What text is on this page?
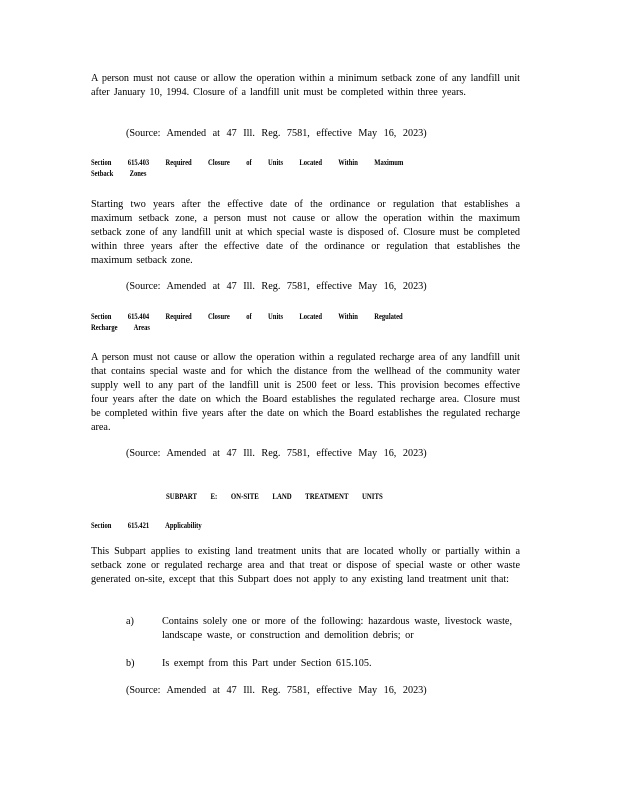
A person must not cause or allow the operation within a minimum setback zone of any landfill unit after January 10, 1994. Closure of a landfill unit must be completed within three years.

(Source: Amended at 47 Ill. Reg. 7581, effective May 16, 2023)

Section 615.403 Required Closure of Units Located Within Maximum Setback Zones

Starting two years after the effective date of the ordinance or regulation that establishes a maximum setback zone, a person must not cause or allow the operation within the maximum setback zone of any landfill unit at which special waste is disposed of. Closure must be completed within three years after the effective date of the ordinance or regulation that establishes the maximum setback zone.

(Source: Amended at 47 Ill. Reg. 7581, effective May 16, 2023)

Section 615.404 Required Closure of Units Located Within Regulated Recharge Areas

A person must not cause or allow the operation within a regulated recharge area of any landfill unit that contains special waste and for which the distance from the wellhead of the community water supply well to any part of the landfill unit is 2500 feet or less. This provision becomes effective four years after the date on which the Board establishes the regulated recharge area. Closure must be completed within five years after the date on which the Board establishes the regulated recharge area.

(Source: Amended at 47 Ill. Reg. 7581, effective May 16, 2023)

SUBPART E: ON-SITE LAND TREATMENT UNITS

Section 615.421 Applicability

This Subpart applies to existing land treatment units that are located wholly or partially within a setback zone or regulated recharge area and that treat or dispose of special waste or other waste generated on-site, except that this Subpart does not apply to any existing land treatment unit that:

a)	Contains solely one or more of the following: hazardous waste, livestock waste, landscape waste, or construction and demolition debris; or

b)	Is exempt from this Part under Section 615.105.

(Source: Amended at 47 Ill. Reg. 7581, effective May 16, 2023)
